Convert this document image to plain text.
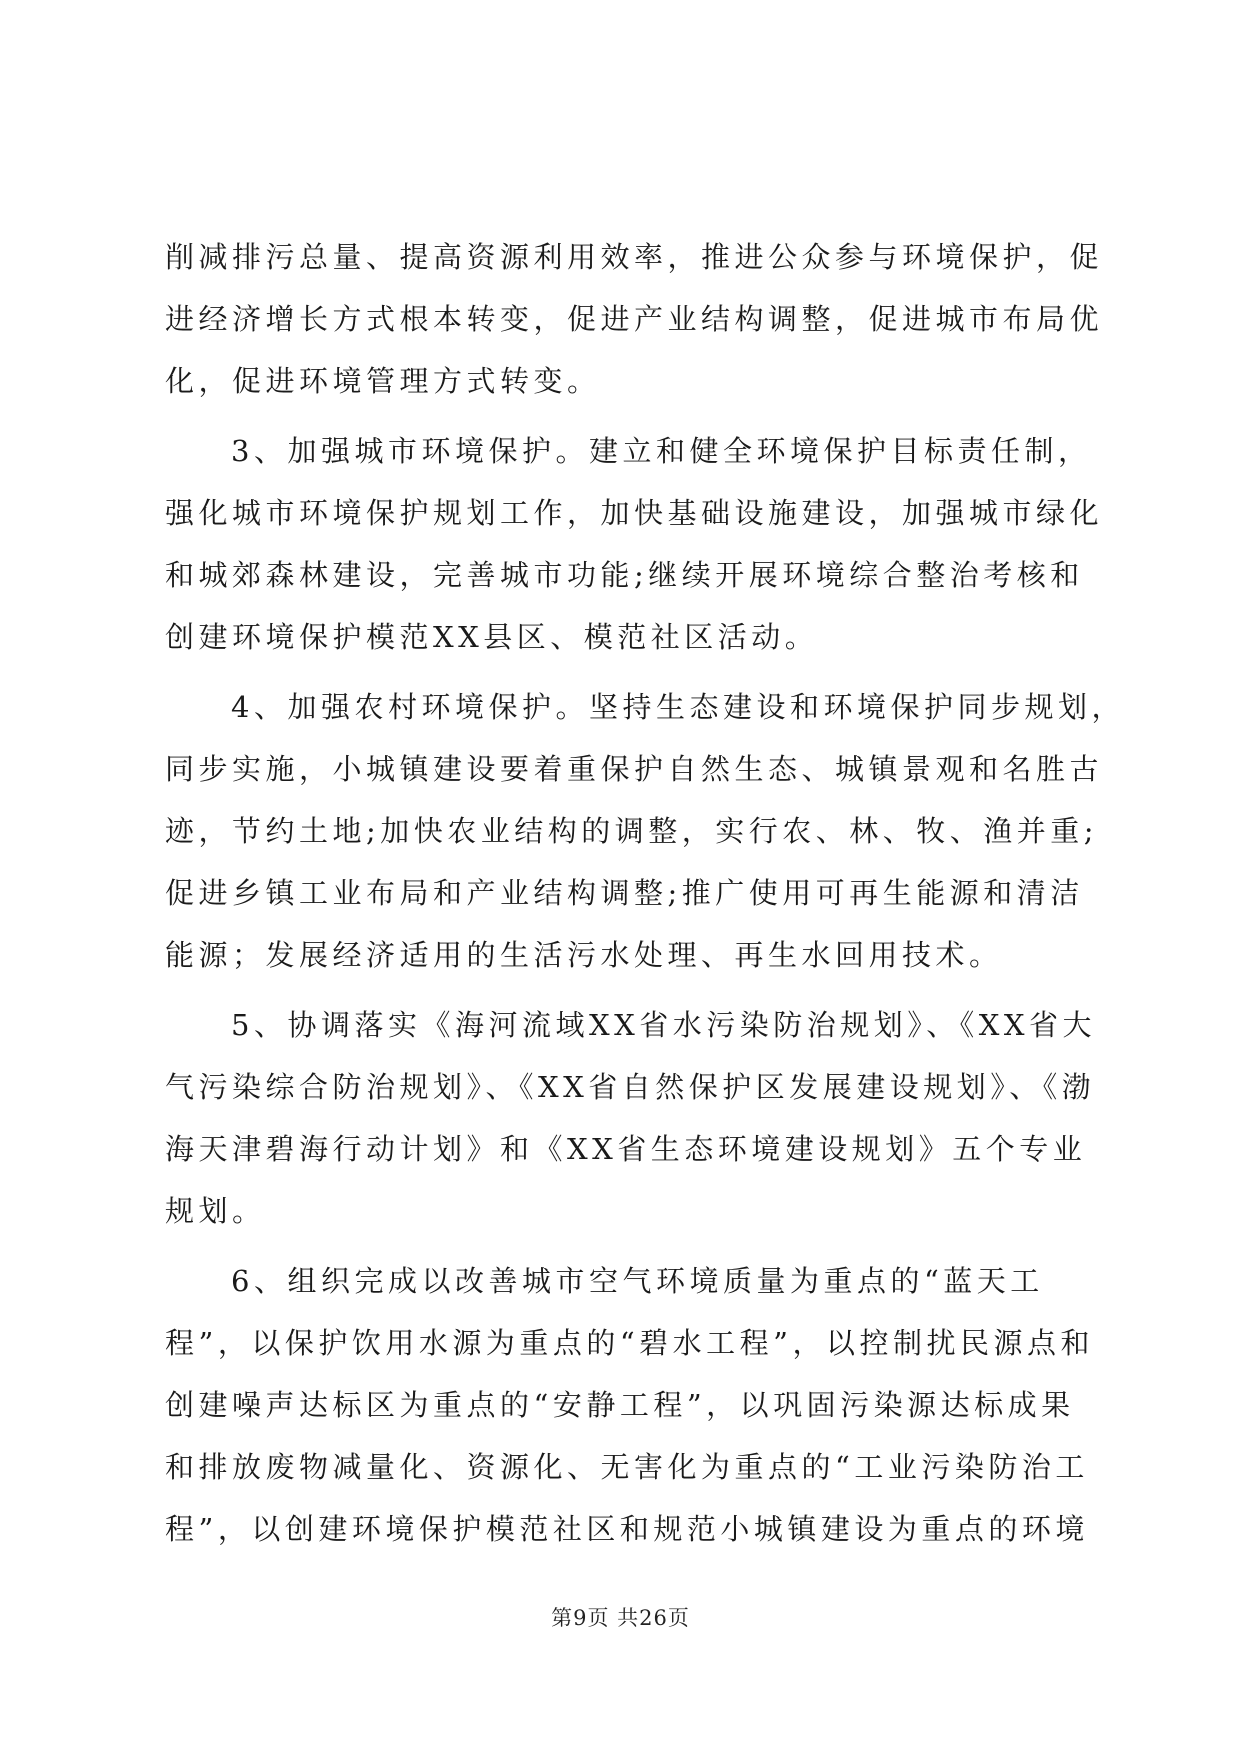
削减排污总量、提高资源利用效率，推进公众参与环境保护，促
进经济增长方式根本转变，促进产业结构调整，促进城市布局优
化，促进环境管理方式转变。
3、加强城市环境保护。建立和健全环境保护目标责任制，
强化城市环境保护规划工作，加快基础设施建设，加强城市绿化
和城郊森林建设，完善城市功能;继续开展环境综合整治考核和
创建环境保护模范XX县区、模范社区活动。
4、加强农村环境保护。坚持生态建设和环境保护同步规划，
同步实施，小城镇建设要着重保护自然生态、城镇景观和名胜古
迹，节约土地;加快农业结构的调整，实行农、林、牧、渔并重;
促进乡镇工业布局和产业结构调整;推广使用可再生能源和清洁
能源；发展经济适用的生活污水处理、再生水回用技术。
5、协调落实《海河流域XX省水污染防治规划》、《XX省大
气污染综合防治规划》、《XX省自然保护区发展建设规划》、《渤
海天津碧海行动计划》和《XX省生态环境建设规划》五个专业
规划。
6、组织完成以改善城市空气环境质量为重点的“蓝天工
程”，以保护饮用水源为重点的“碧水工程”，以控制扰民源点和
创建噪声达标区为重点的“安静工程”，以巩固污染源达标成果
和排放废物减量化、资源化、无害化为重点的“工业污染防治工
程”，以创建环境保护模范社区和规范小城镇建设为重点的环境
第9页 共26页
